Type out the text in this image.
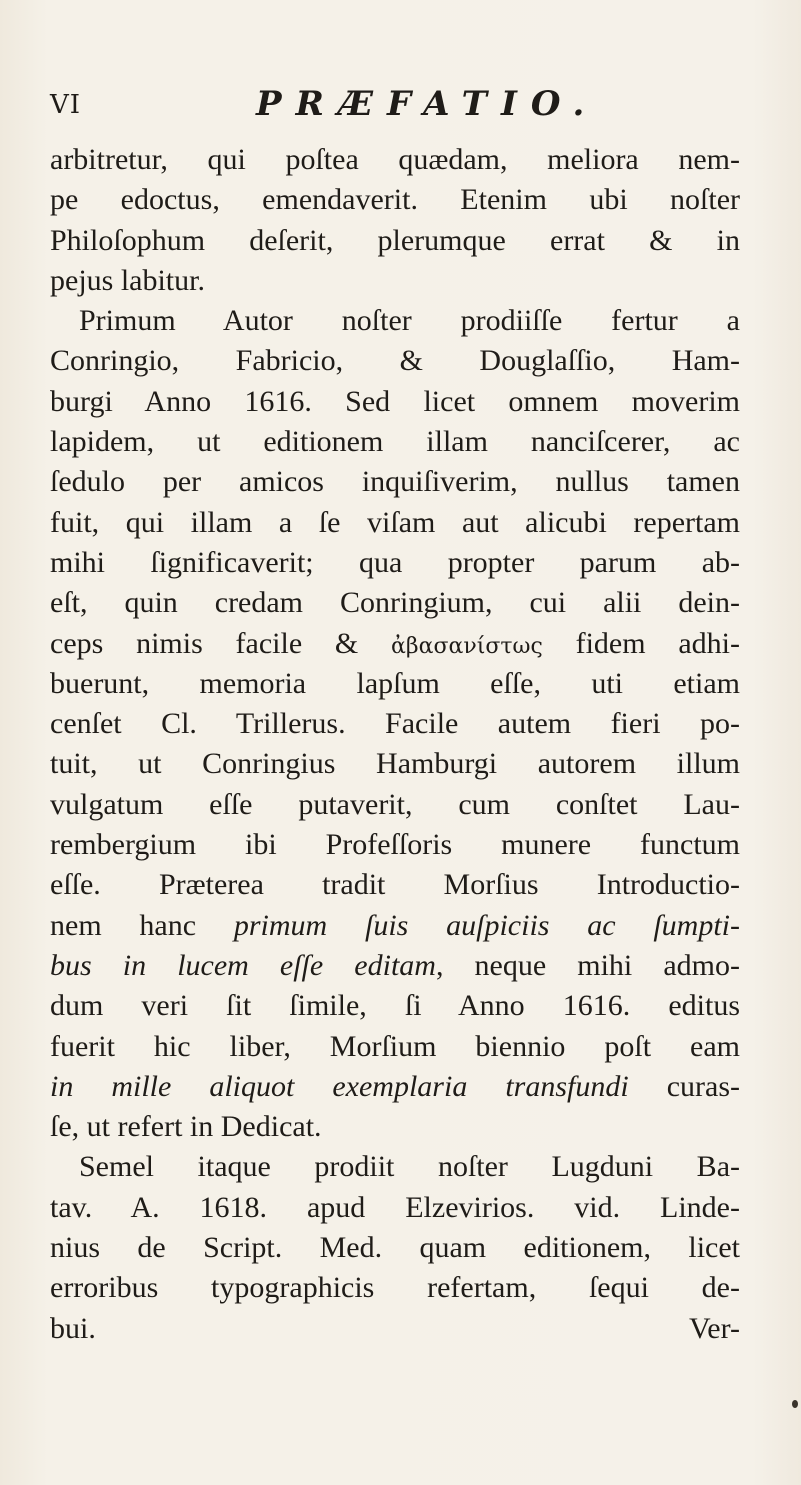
VI	PRÆFATIO.
arbitretur, qui poſtea quædam, meliora nem-
pe edoctus, emendaverit. Etenim ubi noſter
Philoſophum deſerit, plerumque errat & in
pejus labitur.
Primum Autor noſter prodiiſſe fertur a
Conringio, Fabricio, & Douglaſſio, Ham-
burgi Anno 1616. Sed licet omnem moverim
lapidem, ut editionem illam nanciſcerer, ac
ſedulo per amicos inquiſiverim, nullus tamen
fuit, qui illam a ſe viſam aut alicubi repertam
mihi ſignificaverit; qua propter parum ab-
eſt, quin credam Conringium, cui alii dein-
ceps nimis facile & ἀβασανίστως fidem adhi-
buerunt, memoria lapſum eſſe, uti etiam
cenſet Cl. Trillerus. Facile autem fieri po-
tuit, ut Conringius Hamburgi autorem illum
vulgatum eſſe putaverit, cum conſtet Lau-
rembergium ibi Profeſſoris munere functum
eſſe. Præterea tradit Morſius Introductio-
nem hanc primum ſuis auſpiciis ac ſumpti-
bus in lucem eſſe editam, neque mihi admo-
dum veri ſit ſimile, ſi Anno 1616. editus
fuerit hic liber, Morſium biennio poſt eam
in mille aliquot exemplaria transfundi curas-
ſe, ut refert in Dedicat.
Semel itaque prodiit noſter Lugduni Ba-
tav. A. 1618. apud Elzevirios. vid. Linde-
nius de Script. Med. quam editionem, licet
erroribus typographicis refertam, ſequi de-
bui.	Ver-
